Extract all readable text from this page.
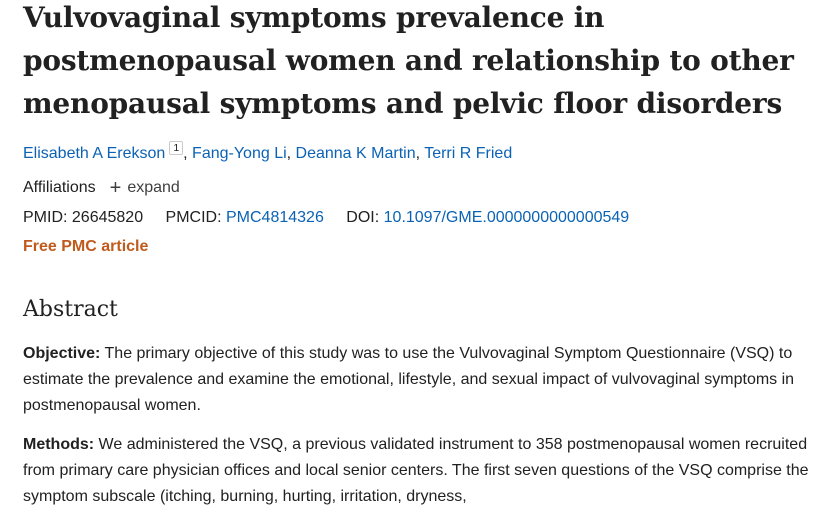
Vulvovaginal symptoms prevalence in postmenopausal women and relationship to other menopausal symptoms and pelvic floor disorders
Elisabeth A Erekson $^1$ , Fang-Yong Li, Deanna K Martin, Terri R Fried
Affiliations + expand
PMID: 26645820 PMCID: PMC4814326 DOI: 10.1097/GME.0000000000000549
Free PMC article
Abstract

Objective: The primary objective of this study was to use the Vulvovaginal Symptom Questionnaire (VSQ) to estimate the prevalence and examine the emotional, lifestyle, and sexual impact of vulvovaginal symptoms in postmenopausal women.

Methods: We administered the VSQ, a previous validated instrument to 358 postmenopausal women recruited from primary care physician offices and local senior centers. The first seven questions of the VSQ comprise the symptom subscale (itching, burning, hurting, irritation, dryness,
